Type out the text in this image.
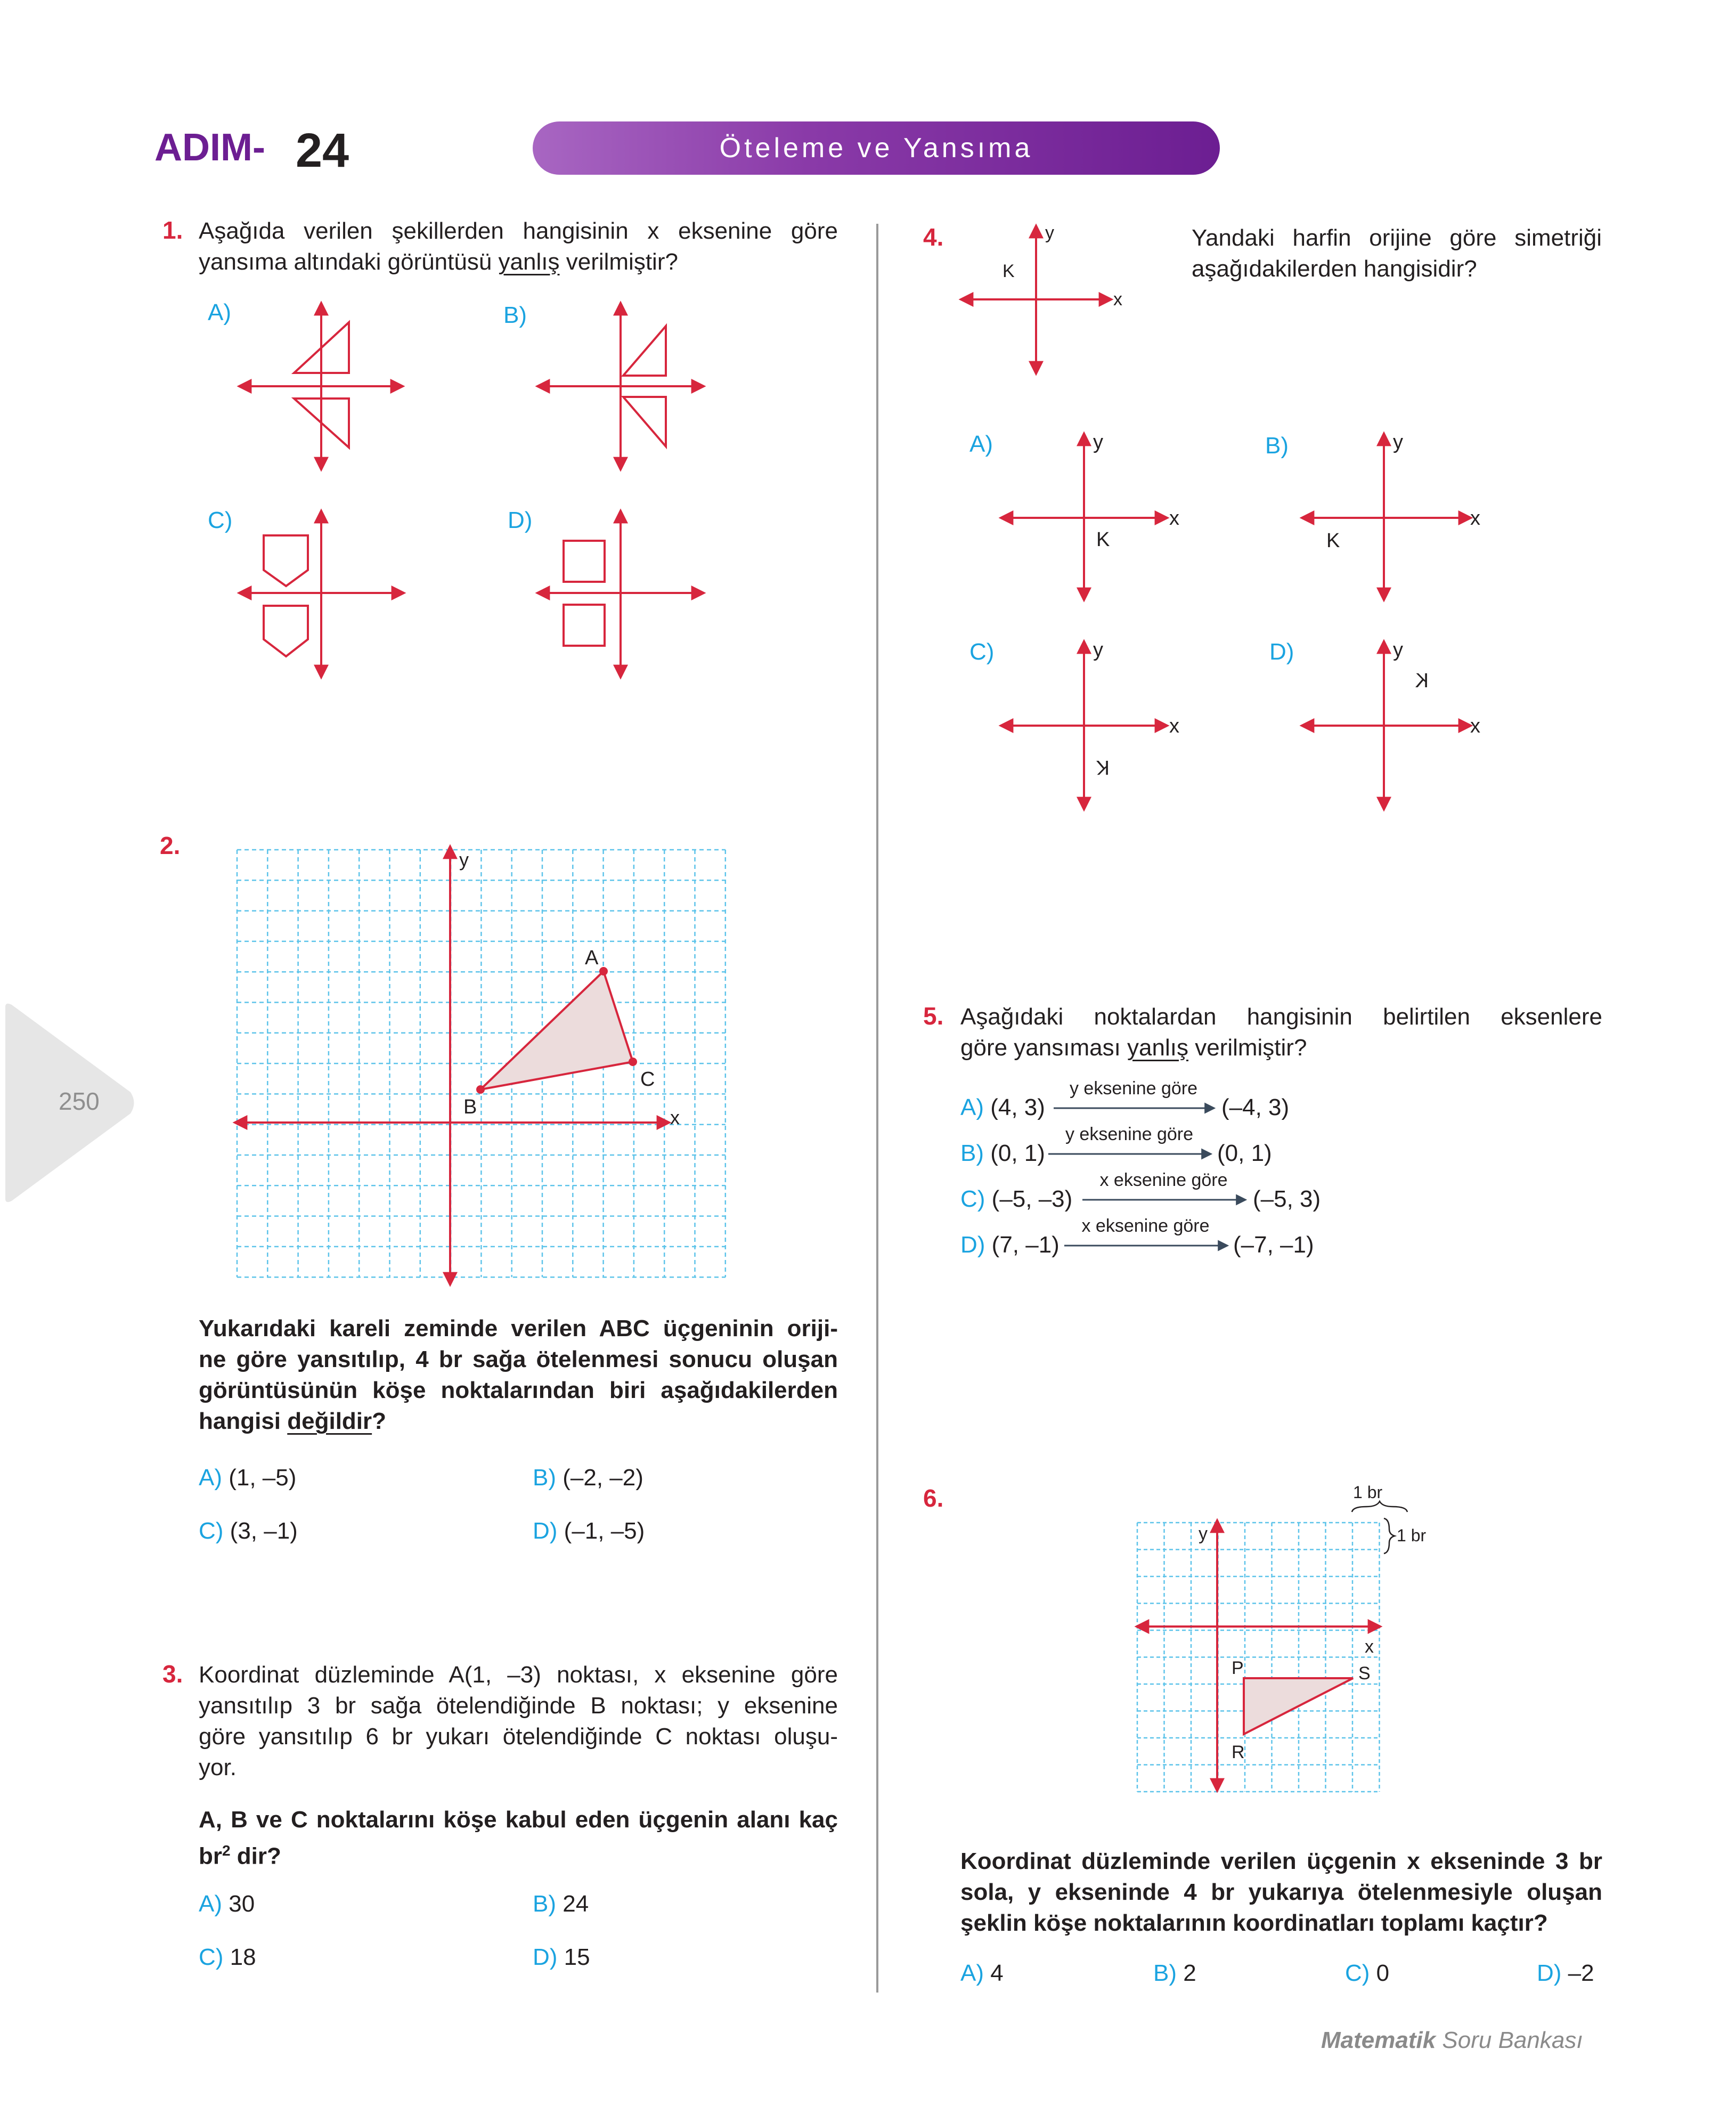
ADIM- 24	Öteleme ve Yansıma
250
1. Aşağıda verilen şekillerden hangisinin x eksenine göre
yansıma altındaki görüntüsü yanlış verilmiştir?
A)	B)
C)	D)
2.
y
x
A
C
B
Yukarıdaki kareli zeminde verilen ABC üçgeninin oriji-
ne göre yansıtılıp, 4 br sağa ötelenmesi sonucu oluşan
görüntüsünün köşe noktalarından biri aşağıdakilerden
hangisi değildir?
A) (1, –5)	B) (–2, –2)
C) (3, –1)	D) (–1, –5)
3. Koordinat düzleminde A(1, –3) noktası, x eksenine göre
yansıtılıp 3 br sağa ötelendiğinde B noktası; y eksenine
göre yansıtılıp 6 br yukarı ötelendiğinde C noktası oluşu-
yor.
A, B ve C noktalarını köşe kabul eden üçgenin alanı kaç
$br^2$ dir?
A) 30	B) 24
C) 18	D) 15
4.	Yandaki harfin orijine göre simetriği
aşağıdakilerden hangisidir?
y
x
K
y
x
K
y
x
K
y
x
K
y
x
K
A)	B)
C)	D)
5. Aşağıdaki noktalardan hangisinin belirtilen eksenlere
göre yansıması yanlış verilmiştir?
A) (4, 3)
y eksenine göre
(–4, 3)
B) (0, 1)
y eksenine göre
(0, 1)
C) (–5, –3)
x eksenine göre
(–5, 3)
D) (7, –1)
x eksenine göre
(–7, –1)
6.	1 br
1 br
y
x
P	S
R
Koordinat düzleminde verilen üçgenin x ekseninde 3 br
sola, y ekseninde 4 br yukarıya ötelenmesiyle oluşan
şeklin köşe noktalarının koordinatları toplamı kaçtır?
A) 4	B) 2	C) 0	D) –2
Matematik Soru Bankası
